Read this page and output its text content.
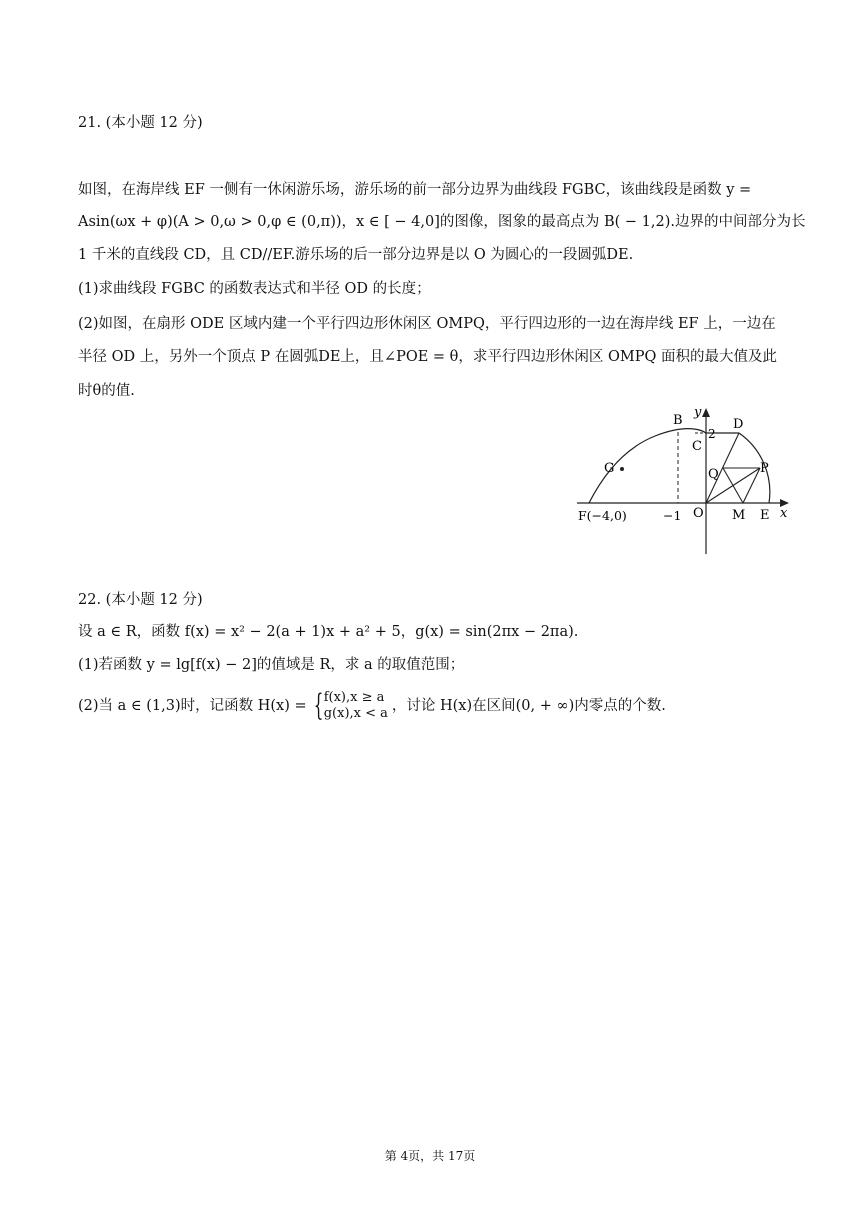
21. (本小题 12 分)
如图，在海岸线 EF 一侧有一休闲游乐场，游乐场的前一部分边界为曲线段 FGBC，该曲线段是函数 y =
Asin(ωx + φ)(A > 0,ω > 0,φ ∈ (0,π))，x ∈ [ − 4,0]的图像，图象的最高点为 B( − 1,2).边界的中间部分为长
1 千米的直线段 CD，且 CD//EF.游乐场的后一部分边界是以 O 为圆心的一段圆弧DE.
(1)求曲线段 FGBC 的函数表达式和半径 OD 的长度；
(2)如图，在扇形 ODE 区域内建一个平行四边形休闲区 OMPQ，平行四边形的一边在海岸线 EF 上，一边在
半径 OD 上，另外一个顶点 P 在圆弧DE上，且∠POE = θ，求平行四边形休闲区 OMPQ 面积的最大值及此
时θ的值.
y
x
B
2
D
C
G	Q	P
F(−4,0)	−1 O M E
22. (本小题 12 分)
设 a ∈ R，函数 f(x) = x² − 2(a + 1)x + a² + 5，g(x) = sin(2πx − 2πa).
(1)若函数 y = lg[f(x) − 2]的值域是 R，求 a 的取值范围；
(2)当 a ∈ (1,3)时，记函数 H(x) = { f(x),x ≥ a
g(x),x < a ，讨论 H(x)在区间(0, + ∞)内零点的个数.
第 4页，共 17页
